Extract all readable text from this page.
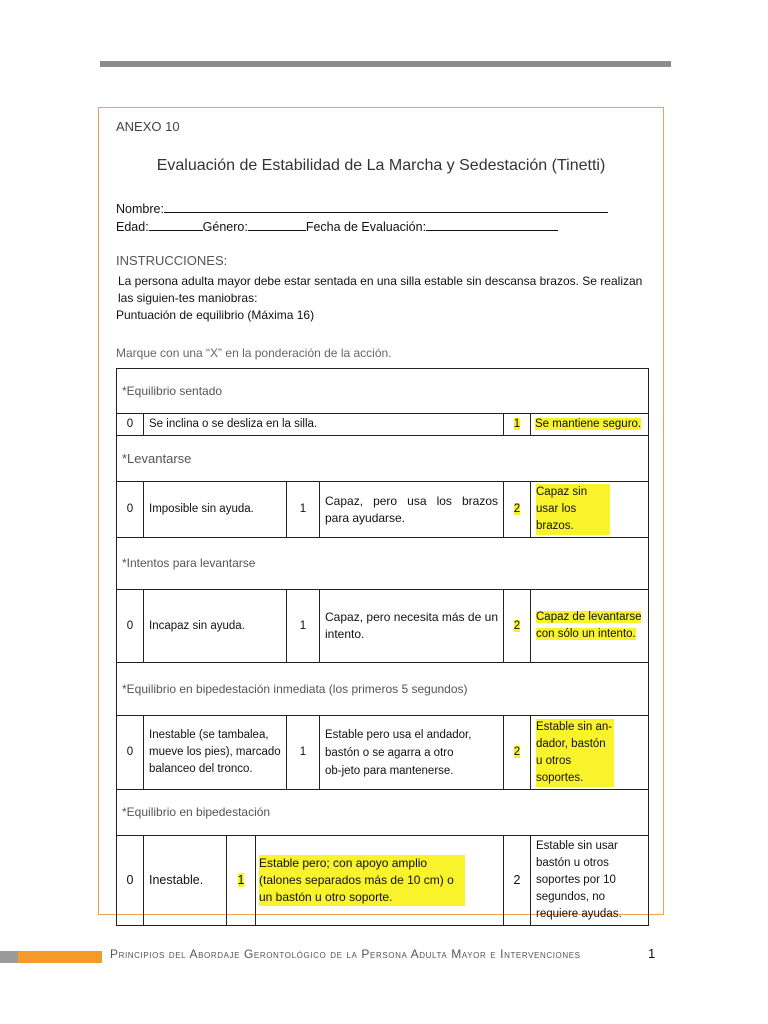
ANEXO 10
Evaluación de Estabilidad de La Marcha y Sedestación (Tinetti)
Nombre:
Edad:	Género:	Fecha de Evaluación:
INSTRUCCIONES:
La persona adulta mayor debe estar sentada en una silla estable sin descansa brazos. Se realizan las siguien-tes maniobras:
Puntuación de equilibrio (Máxima 16)
Marque con una “X” en la ponderación de la acción.
*Equilibrio sentado							
0	Se inclina o se desliza en la silla.					1	Se mantiene seguro.
*Levantarse							
0	Imposible sin ayuda.			1	Capaz, pero usa los brazos para ayudarse.	2	Capaz sin usar los brazos.
*Intentos para levantarse							
0	Incapaz sin ayuda.			1	Capaz, pero necesita más de un intento.	2	Capaz de levantarse con sólo un intento.
*Equilibrio en bipedestación inmediata (los primeros 5 segundos)							
0	Inestable (se tambalea, mueve los pies), marcado balanceo del tronco.			1	Estable pero usa el andador, bastón o se agarra a otro ob-jeto para mantenerse.	2	Estable sin an-dador, bastón u otros soportes.
*Equilibrio en bipedestación							
0	Inestable.	1	Estable pero; con apoyo amplio (talones separados más de 10 cm) o un bastón u otro soporte.			2	Estable sin usar bastón u otros soportes por 10 segundos, no requiere ayudas.
Principios del Abordaje Gerontológico de la Persona Adulta Mayor e Intervenciones	1
